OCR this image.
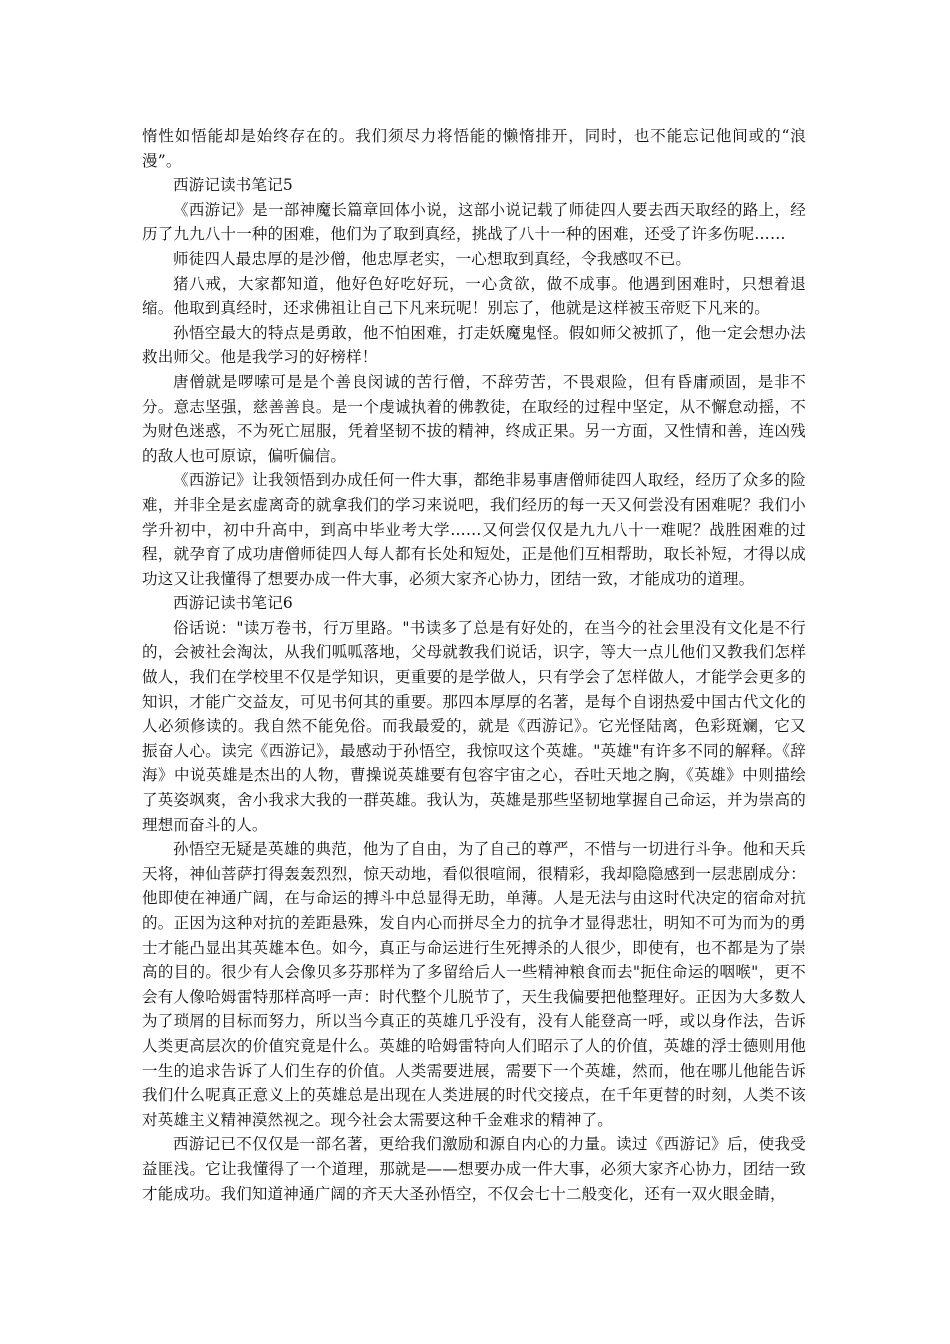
惰性如悟能却是始终存在的。我们须尽力将悟能的懒惰排开，同时，也不能忘记他间或的“浪漫”。

西游记读书笔记5

《西游记》是一部神魔长篇章回体小说，这部小说记载了师徒四人要去西天取经的路上，经历了九九八十一种的困难，他们为了取到真经，挑战了八十一种的困难，还受了许多伤呢……

师徒四人最忠厚的是沙僧，他忠厚老实，一心想取到真经，令我感叹不已。

猪八戒，大家都知道，他好色好吃好玩，一心贪欲，做不成事。他遇到困难时，只想着退缩。他取到真经时，还求佛祖让自己下凡来玩呢！别忘了，他就是这样被玉帝贬下凡来的。

孙悟空最大的特点是勇敢，他不怕困难，打走妖魔鬼怪。假如师父被抓了，他一定会想办法救出师父。他是我学习的好榜样！

唐僧就是啰嗦可是是个善良闵诚的苦行僧，不辞劳苦，不畏艰险，但有昏庸顽固，是非不分。意志坚强，慈善善良。是一个虔诚执着的佛教徒，在取经的过程中坚定，从不懈怠动摇，不为财色迷惑，不为死亡屈服，凭着坚韧不拔的精神，终成正果。另一方面，又性情和善，连凶残的敌人也可原谅，偏听偏信。

《西游记》让我领悟到办成任何一件大事，都绝非易事唐僧师徒四人取经，经历了众多的险难，并非全是玄虚离奇的就拿我们的学习来说吧，我们经历的每一天又何尝没有困难呢？我们小学升初中，初中升高中，到高中毕业考大学……又何尝仅仅是九九八十一难呢？战胜困难的过程，就孕育了成功唐僧师徒四人每人都有长处和短处，正是他们互相帮助，取长补短，才得以成功这又让我懂得了想要办成一件大事，必须大家齐心协力，团结一致，才能成功的道理。

西游记读书笔记6

俗话说："读万卷书，行万里路。"书读多了总是有好处的，在当今的社会里没有文化是不行的，会被社会淘汰，从我们呱呱落地，父母就教我们说话，识字，等大一点儿他们又教我们怎样做人，我们在学校里不仅是学知识，更重要的是学做人，只有学会了怎样做人，才能学会更多的知识，才能广交益友，可见书何其的重要。那四本厚厚的名著，是每个自诩热爱中国古代文化的人必须修读的。我自然不能免俗。而我最爱的，就是《西游记》。它光怪陆离，色彩斑斓，它又振奋人心。读完《西游记》，最感动于孙悟空，我惊叹这个英雄。"英雄"有许多不同的解释。《辞海》中说英雄是杰出的人物，曹操说英雄要有包容宇宙之心，吞吐天地之胸，《英雄》中则描绘了英姿飒爽，舍小我求大我的一群英雄。我认为，英雄是那些坚韧地掌握自己命运，并为崇高的理想而奋斗的人。

孙悟空无疑是英雄的典范，他为了自由，为了自己的尊严，不惜与一切进行斗争。他和天兵天将，神仙菩萨打得轰轰烈烈，惊天动地，看似很喧闹，很精彩，我却隐隐感到一层悲剧成分：他即使在神通广阔，在与命运的搏斗中总显得无助，单薄。人是无法与由这时代决定的宿命对抗的。正因为这种对抗的差距悬殊，发自内心而拼尽全力的抗争才显得悲壮，明知不可为而为的勇士才能凸显出其英雄本色。如今，真正与命运进行生死搏杀的人很少，即使有，也不都是为了崇高的目的。很少有人会像贝多芬那样为了多留给后人一些精神粮食而去"扼住命运的咽喉"，更不会有人像哈姆雷特那样高呼一声：时代整个儿脱节了，天生我偏要把他整理好。正因为大多数人为了琐屑的目标而努力，所以当今真正的英雄几乎没有，没有人能登高一呼，或以身作法，告诉人类更高层次的价值究竟是什么。英雄的哈姆雷特向人们昭示了人的价值，英雄的浮士德则用他一生的追求告诉了人们生存的价值。人类需要进展，需要下一个英雄，然而，他在哪儿他能告诉我们什么呢真正意义上的英雄总是出现在人类进展的时代交接点，在千年更替的时刻，人类不该对英雄主义精神漠然视之。现今社会太需要这种千金难求的精神了。

西游记已不仅仅是一部名著，更给我们激励和源自内心的力量。读过《西游记》后，使我受益匪浅。它让我懂得了一个道理，那就是——想要办成一件大事，必须大家齐心协力，团结一致才能成功。我们知道神通广阔的齐天大圣孙悟空，不仅会七十二般变化，还有一双火眼金睛，
